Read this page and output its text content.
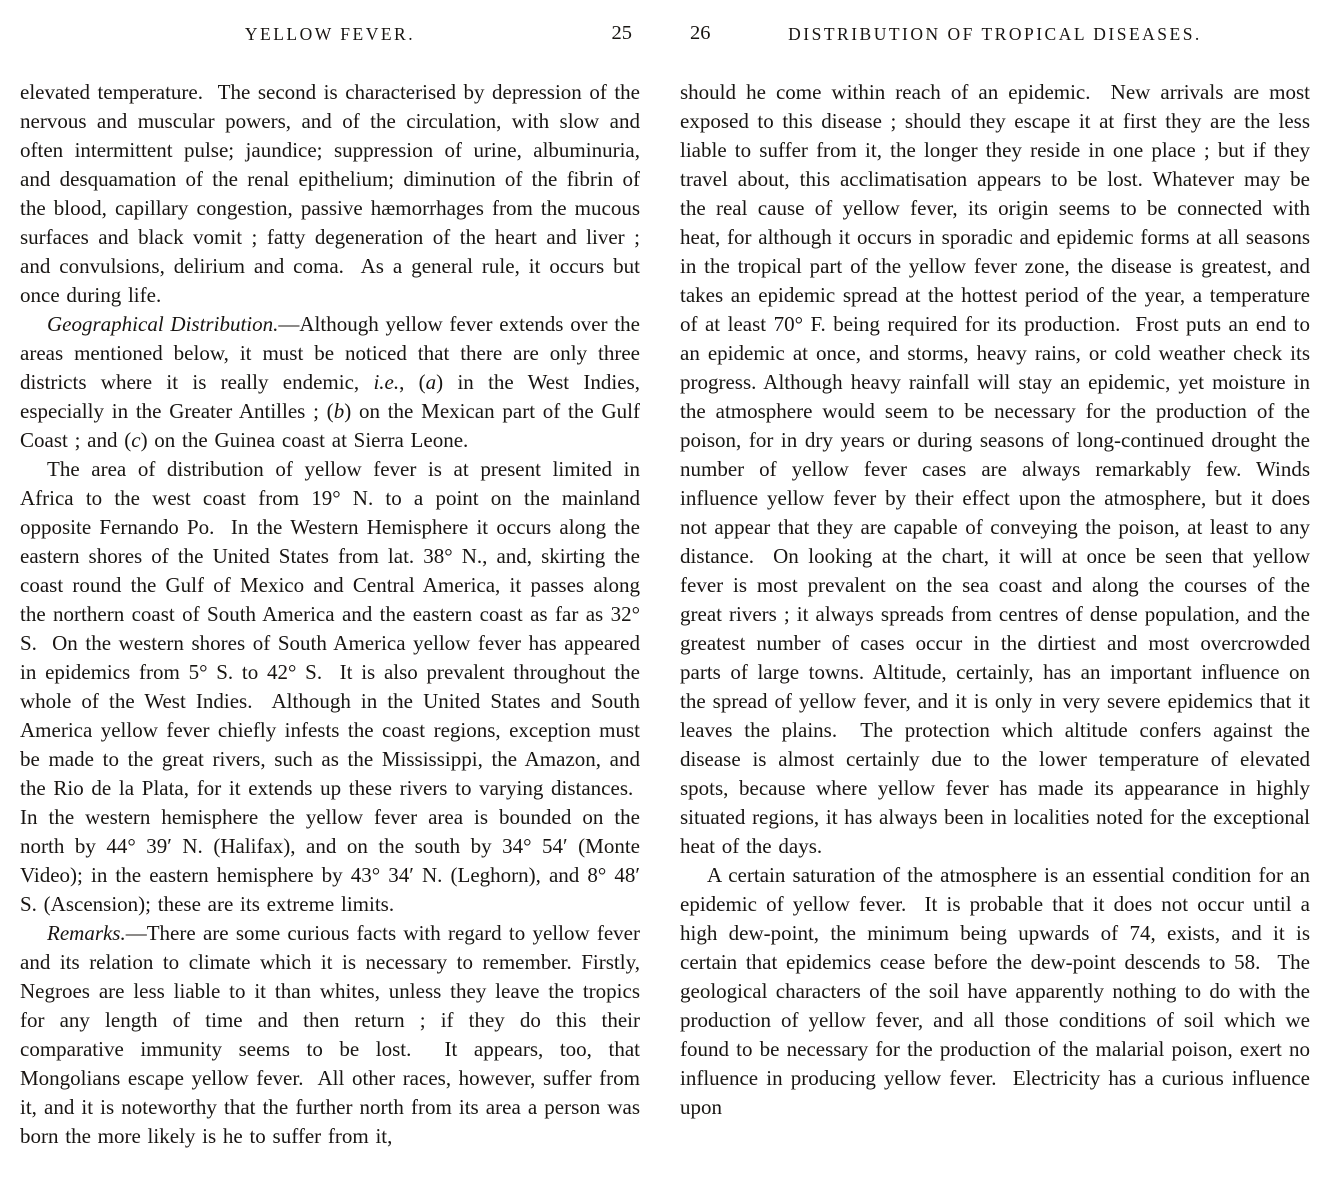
YELLOW FEVER.	25

elevated temperature.  The second is characterised by depression of the nervous and muscular powers, and of the circulation, with slow and often intermittent pulse; jaundice; suppression of urine, albuminuria, and desquamation of the renal epithelium; diminution of the fibrin of the blood, capillary congestion, passive hæmorrhages from the mucous surfaces and black vomit ; fatty degeneration of the heart and liver ; and convulsions, delirium and coma.  As a general rule, it occurs but once during life.

Geographical Distribution.—Although yellow fever extends over the areas mentioned below, it must be noticed that there are only three districts where it is really endemic, i.e., (a) in the West Indies, especially in the Greater Antilles ; (b) on the Mexican part of the Gulf Coast ; and (c) on the Guinea coast at Sierra Leone.

The area of distribution of yellow fever is at present limited in Africa to the west coast from 19° N. to a point on the mainland opposite Fernando Po.  In the Western Hemisphere it occurs along the eastern shores of the United States from lat. 38° N., and, skirting the coast round the Gulf of Mexico and Central America, it passes along the northern coast of South America and the eastern coast as far as 32° S.  On the western shores of South America yellow fever has appeared in epidemics from 5° S. to 42° S.  It is also prevalent throughout the whole of the West Indies.  Although in the United States and South America yellow fever chiefly infests the coast regions, exception must be made to the great rivers, such as the Mississippi, the Amazon, and the Rio de la Plata, for it extends up these rivers to varying distances.  In the western hemisphere the yellow fever area is bounded on the north by 44° 39′ N. (Halifax), and on the south by 34° 54′ (Monte Video); in the eastern hemisphere by 43° 34′ N. (Leghorn), and 8° 48′ S. (Ascension); these are its extreme limits.

Remarks.—There are some curious facts with regard to yellow fever and its relation to climate which it is necessary to remember. Firstly, Negroes are less liable to it than whites, unless they leave the tropics for any length of time and then return ; if they do this their comparative immunity seems to be lost.  It appears, too, that Mongolians escape yellow fever.  All other races, however, suffer from it, and it is noteworthy that the further north from its area a person was born the more likely is he to suffer from it,

26	DISTRIBUTION OF TROPICAL DISEASES.

should he come within reach of an epidemic.  New arrivals are most exposed to this disease ; should they escape it at first they are the less liable to suffer from it, the longer they reside in one place ; but if they travel about, this acclimatisation appears to be lost. Whatever may be the real cause of yellow fever, its origin seems to be connected with heat, for although it occurs in sporadic and epidemic forms at all seasons in the tropical part of the yellow fever zone, the disease is greatest, and takes an epidemic spread at the hottest period of the year, a temperature of at least 70° F. being required for its production.  Frost puts an end to an epidemic at once, and storms, heavy rains, or cold weather check its progress. Although heavy rainfall will stay an epidemic, yet moisture in the atmosphere would seem to be necessary for the production of the poison, for in dry years or during seasons of long-continued drought the number of yellow fever cases are always remarkably few. Winds influence yellow fever by their effect upon the atmosphere, but it does not appear that they are capable of conveying the poison, at least to any distance.  On looking at the chart, it will at once be seen that yellow fever is most prevalent on the sea coast and along the courses of the great rivers ; it always spreads from centres of dense population, and the greatest number of cases occur in the dirtiest and most overcrowded parts of large towns. Altitude, certainly, has an important influence on the spread of yellow fever, and it is only in very severe epidemics that it leaves the plains.  The protection which altitude confers against the disease is almost certainly due to the lower temperature of elevated spots, because where yellow fever has made its appearance in highly situated regions, it has always been in localities noted for the exceptional heat of the days.

A certain saturation of the atmosphere is an essential condition for an epidemic of yellow fever.  It is probable that it does not occur until a high dew-point, the minimum being upwards of 74, exists, and it is certain that epidemics cease before the dew-point descends to 58.  The geological characters of the soil have apparently nothing to do with the production of yellow fever, and all those conditions of soil which we found to be necessary for the production of the malarial poison, exert no influence in producing yellow fever.  Electricity has a curious influence upon
